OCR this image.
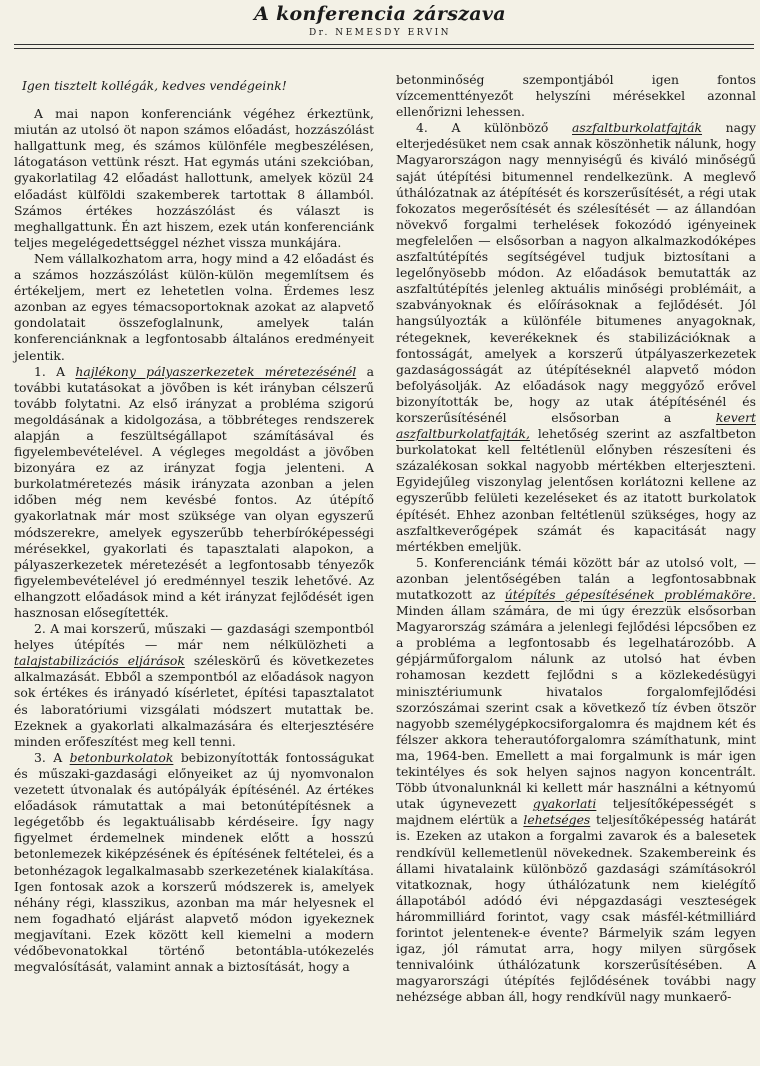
A konferencia zárszava
Dr. NEMESDY ERVIN

Igen tisztelt kollégák, kedves vendégeink!

A mai napon konferenciánk végéhez érkeztünk, miután az utolsó öt napon számos előadást, hozzászólást hallgattunk meg, és számos különféle megbeszélésen, látogatáson vettünk részt. Hat egymás utáni szekcióban, gyakorlatilag 42 előadást hallottunk, amelyek közül 24 előadást külföldi szakemberek tartottak 8 államból. Számos értékes hozzászólást és választ is meghallgattunk. Én azt hiszem, ezek után konferenciánk teljes megelégedettséggel nézhet vissza munkájára.

Nem vállalkozhatom arra, hogy mind a 42 előadást és a számos hozzászólást külön-külön megemlítsem és értékeljem, mert ez lehetetlen volna. Érdemes lesz azonban az egyes témacsoportoknak azokat az alapvető gondolatait összefoglalnunk, amelyek talán konferenciánknak a legfontosabb általános eredményeit jelentik.

1. A hajlékony pályaszerkezetek méretezésénél a további kutatásokat a jövőben is két irányban célszerű tovább folytatni. Az első irányzat a probléma szigorú megoldásának a kidolgozása, a többréteges rendszerek alapján a feszültségállapot számításával és figyelembevételével. A végleges megoldást a jövőben bizonyára ez az irányzat fogja jelenteni. A burkolatméretezés másik irányzata azonban a jelen időben még nem kevésbé fontos. Az útépítő gyakorlatnak már most szüksége van olyan egyszerű módszerekre, amelyek egyszerűbb teherbíróképességi mérésekkel, gyakorlati és tapasztalati alapokon, a pályaszerkezetek méretezését a legfontosabb tényezők figyelembevételével jó eredménnyel teszik lehetővé. Az elhangzott előadások mind a két irányzat fejlődését igen hasznosan elősegítették.

2. A mai korszerű, műszaki — gazdasági szempontból helyes útépítés — már nem nélkülözheti a talajstabilizációs eljárások széleskörű és következetes alkalmazását. Ebből a szempontból az előadások nagyon sok értékes és irányadó kísérletet, építési tapasztalatot és laboratóriumi vizsgálati módszert mutattak be. Ezeknek a gyakorlati alkalmazására és elterjesztésére minden erőfeszítést meg kell tenni.

3. A betonburkolatok bebizonyították fontosságukat és műszaki-gazdasági előnyeiket az új nyomvonalon vezetett útvonalak és autópályák építésénél. Az értékes előadások rámutattak a mai betonútépítésnek a legégetőbb és legaktuálisabb kérdéseire. Így nagy figyelmet érdemelnek mindenek előtt a hosszú betonlemezek kiképzésének és építésének feltételei, és a betonhézagok legalkalmasabb szerkezetének kialakítása. Igen fontosak azok a korszerű módszerek is, amelyek néhány régi, klasszikus, azonban ma már helyesnek el nem fogadható eljárást alapvető módon igyekeznek megjavítani. Ezek között kell kiemelni a modern védőbevonatokkal történő betontábla-utókezelés megvalósítását, valamint annak a biztosítását, hogy a

betonminőség szempontjából igen fontos vízcementtényezőt helyszíni mérésekkel azonnal ellenőrizni lehessen.

4. A különböző aszfaltburkolatfajták nagy elterjedésüket nem csak annak köszönhetik nálunk, hogy Magyarországon nagy mennyiségű és kiváló minőségű saját útépítési bitumennel rendelkezünk. A meglevő úthálózatnak az átépítését és korszerűsítését, a régi utak fokozatos megerősítését és szélesítését — az állandóan növekvő forgalmi terhelések fokozódó igényeinek megfelelően — elsősorban a nagyon alkalmazkodóképes aszfaltútépítés segítségével tudjuk biztosítani a legelőnyösebb módon. Az előadások bemutatták az aszfaltútépítés jelenleg aktuális minőségi problémáit, a szabványoknak és előírásoknak a fejlődését. Jól hangsúlyozták a különféle bitumenes anyagoknak, rétegeknek, keverékeknek és stabilizációknak a fontosságát, amelyek a korszerű útpályaszerkezetek gazdaságosságát az útépítéseknél alapvető módon befolyásolják. Az előadások nagy meggyőző erővel bizonyították be, hogy az utak átépítésénél és korszerűsítésénél elsősorban a	kevert aszfaltburkolatfajták, lehetőség szerint az aszfaltbeton burkolatokat kell feltétlenül előnyben részesíteni és százalékosan sokkal nagyobb mértékben elterjeszteni. Egyidejűleg viszonylag jelentősen korlátozni kellene az egyszerűbb felületi kezeléseket és az itatott burkolatok építését. Ehhez azonban feltétlenül szükséges, hogy az aszfaltkeverőgépek számát és kapacitását nagy mértékben emeljük.

5. Konferenciánk témái között bár az utolsó volt, — azonban jelentőségében talán a legfontosabbnak mutatkozott az útépítés gépesítésének problémaköre. Minden állam számára, de mi úgy érezzük elsősorban Magyarország számára a jelenlegi fejlődési lépcsőben ez a probléma a legfontosabb és legelhatározóbb. A gépjárműforgalom nálunk az utolsó hat évben rohamosan kezdett fejlődni s a közlekedésügyi minisztériumunk hivatalos forgalomfejlődési szorzószámai szerint csak a következő tíz évben ötször nagyobb személygépkocsiforgalomra és majdnem két és félszer akkora teherautóforgalomra számíthatunk, mint ma, 1964-ben. Emellett a mai forgalmunk is már igen tekintélyes és sok helyen sajnos nagyon koncentrált. Több útvonalunknál ki kellett már használni a kétnyomú utak úgynevezett gyakorlati teljesítőképességét s majdnem elértük a lehetséges teljesítőképesség határát is. Ezeken az utakon a forgalmi zavarok és a balesetek rendkívül kellemetlenül növekednek. Szakembereink és állami hivatalaink különböző gazdasági számításokról vitatkoznak, hogy úthálózatunk nem kielégítő állapotából adódó évi népgazdasági veszteségek hárommilliárd forintot, vagy csak másfél-kétmilliárd forintot jelentenek-e évente? Bármelyik szám legyen igaz, jól rámutat arra, hogy milyen sürgősek tennivalóink úthálózatunk korszerűsítésében. A magyarországi útépítés fejlődésének további nagy nehézsége abban áll, hogy rendkívül nagy munkaerő-
